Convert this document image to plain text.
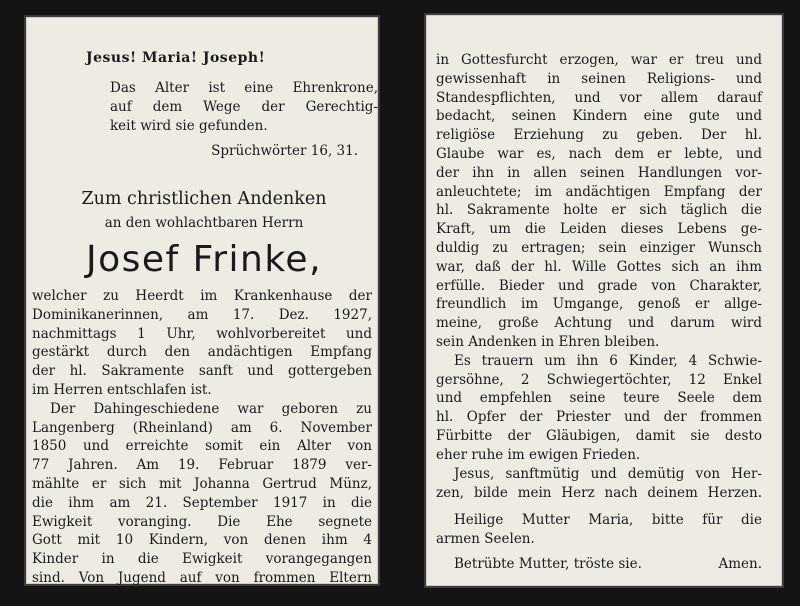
Jesus! Maria! Joseph!

Das Alter ist eine Ehrenkrone,
auf dem Wege der Gerechtig-
keit wird sie gefunden.

Sprüchwörter 16, 31.

Zum christlichen Andenken

an den wohlachtbaren Herrn

Josef Frinke,

welcher zu Heerdt im Krankenhause der
Dominikanerinnen, am 17. Dez. 1927,
nachmittags 1 Uhr, wohlvorbereitet und
gestärkt durch den andächtigen Empfang
der hl. Sakramente sanft und gottergeben
im Herren entschlafen ist.
Der Dahingeschiedene war geboren zu
Langenberg (Rheinland) am 6. November
1850 und erreichte somit ein Alter von
77 Jahren. Am 19. Februar 1879 ver-
mählte er sich mit Johanna Gertrud Münz,
die ihm am 21. September 1917 in die
Ewigkeit voranging. Die Ehe segnete
Gott mit 10 Kindern, von denen ihm 4
Kinder in die Ewigkeit vorangegangen
sind. Von Jugend auf von frommen Eltern

in Gottesfurcht erzogen, war er treu und
gewissenhaft in seinen Religions- und
Standespflichten, und vor allem darauf
bedacht, seinen Kindern eine gute und
religiöse Erziehung zu geben. Der hl.
Glaube war es, nach dem er lebte, und
der ihn in allen seinen Handlungen vor-
anleuchtete; im andächtigen Empfang der
hl. Sakramente holte er sich täglich die
Kraft, um die Leiden dieses Lebens ge-
duldig zu ertragen; sein einziger Wunsch
war, daß der hl. Wille Gottes sich an ihm
erfülle. Bieder und grade von Charakter,
freundlich im Umgange, genoß er allge-
meine, große Achtung und darum wird
sein Andenken in Ehren bleiben.
Es trauern um ihn 6 Kinder, 4 Schwie-
gersöhne, 2 Schwiegertöchter, 12 Enkel
und empfehlen seine teure Seele dem
hl. Opfer der Priester und der frommen
Fürbitte der Gläubigen, damit sie desto
eher ruhe im ewigen Frieden.

Jesus, sanftmütig und demütig von Her-
zen, bilde mein Herz nach deinem Herzen.

Heilige Mutter Maria, bitte für die
armen Seelen.

Betrübte Mutter, tröste sie.	Amen.
